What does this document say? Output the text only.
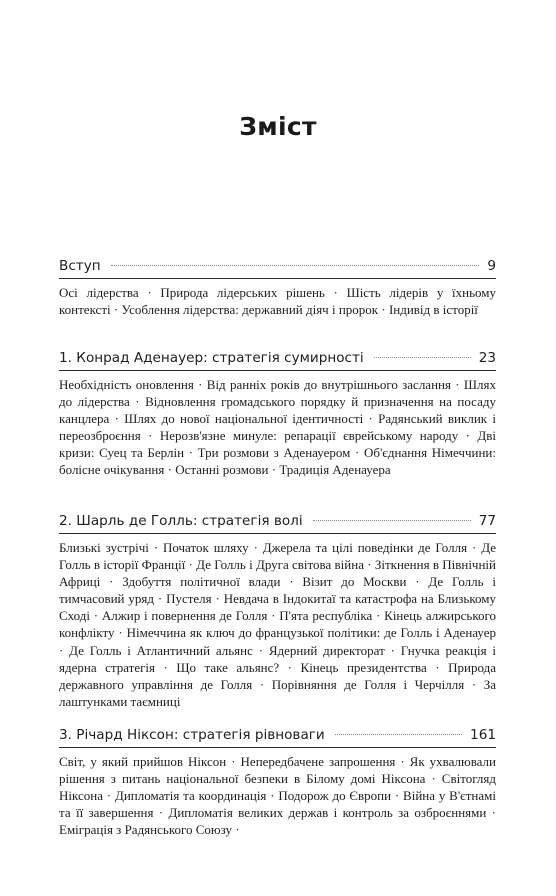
Зміст
Вступ	9
Осі лідерства · Природа лідерських рішень · Шість лідерів у їхньому контексті · Усоблення лідерства: державний діяч і пророк · Індивід в історії
1. Конрад Аденауер: стратегія сумирності	23
Необхідність оновлення · Від ранніх років до внутрішнього заслання · Шлях до лідерства · Відновлення громадського порядку й призначення на посаду канцлера · Шлях до нової національної ідентичності · Радянський виклик і переозброєння · Нерозв'язне минуле: репарації єврейському народу · Дві кризи: Суец та Берлін · Три розмови з Аденауером · Об'єднання Німеччини: болісне очікування · Останні розмови · Традиція Аденауера
2. Шарль де Голль: стратегія волі	77
Близькі зустрічі · Початок шляху · Джерела та цілі поведінки де Голля · Де Голль в історії Франції · Де Голль і Друга світова війна · Зіткнення в Північній Африці · Здобуття політичної влади · Візит до Москви · Де Голль і тимчасовий уряд · Пустеля · Невдача в Індокитаї та катастрофа на Близькому Сході · Алжир і повернення де Голля · П'ята республіка · Кінець алжирського конфлікту · Німеччина як ключ до французької політики: де Голль і Аденауер · Де Голль і Атлантичний альянс · Ядерний директорат · Гнучка реакція і ядерна стратегія · Що таке альянс? · Кінець президентства · Природа державного управління де Голля · Порівняння де Голля і Черчілля · За лаштунками таємниці
3. Річард Ніксон: стратегія рівноваги	161
Світ, у який прийшов Ніксон · Непередбачене запрошення · Як ухвалювали рішення з питань національної безпеки в Білому домі Ніксона · Світогляд Ніксона · Дипломатія та координація · Подорож до Європи · Війна у В'єтнамі та її завершення · Дипломатія великих держав і контроль за озброєннями · Еміграція з Радянського Союзу ·
